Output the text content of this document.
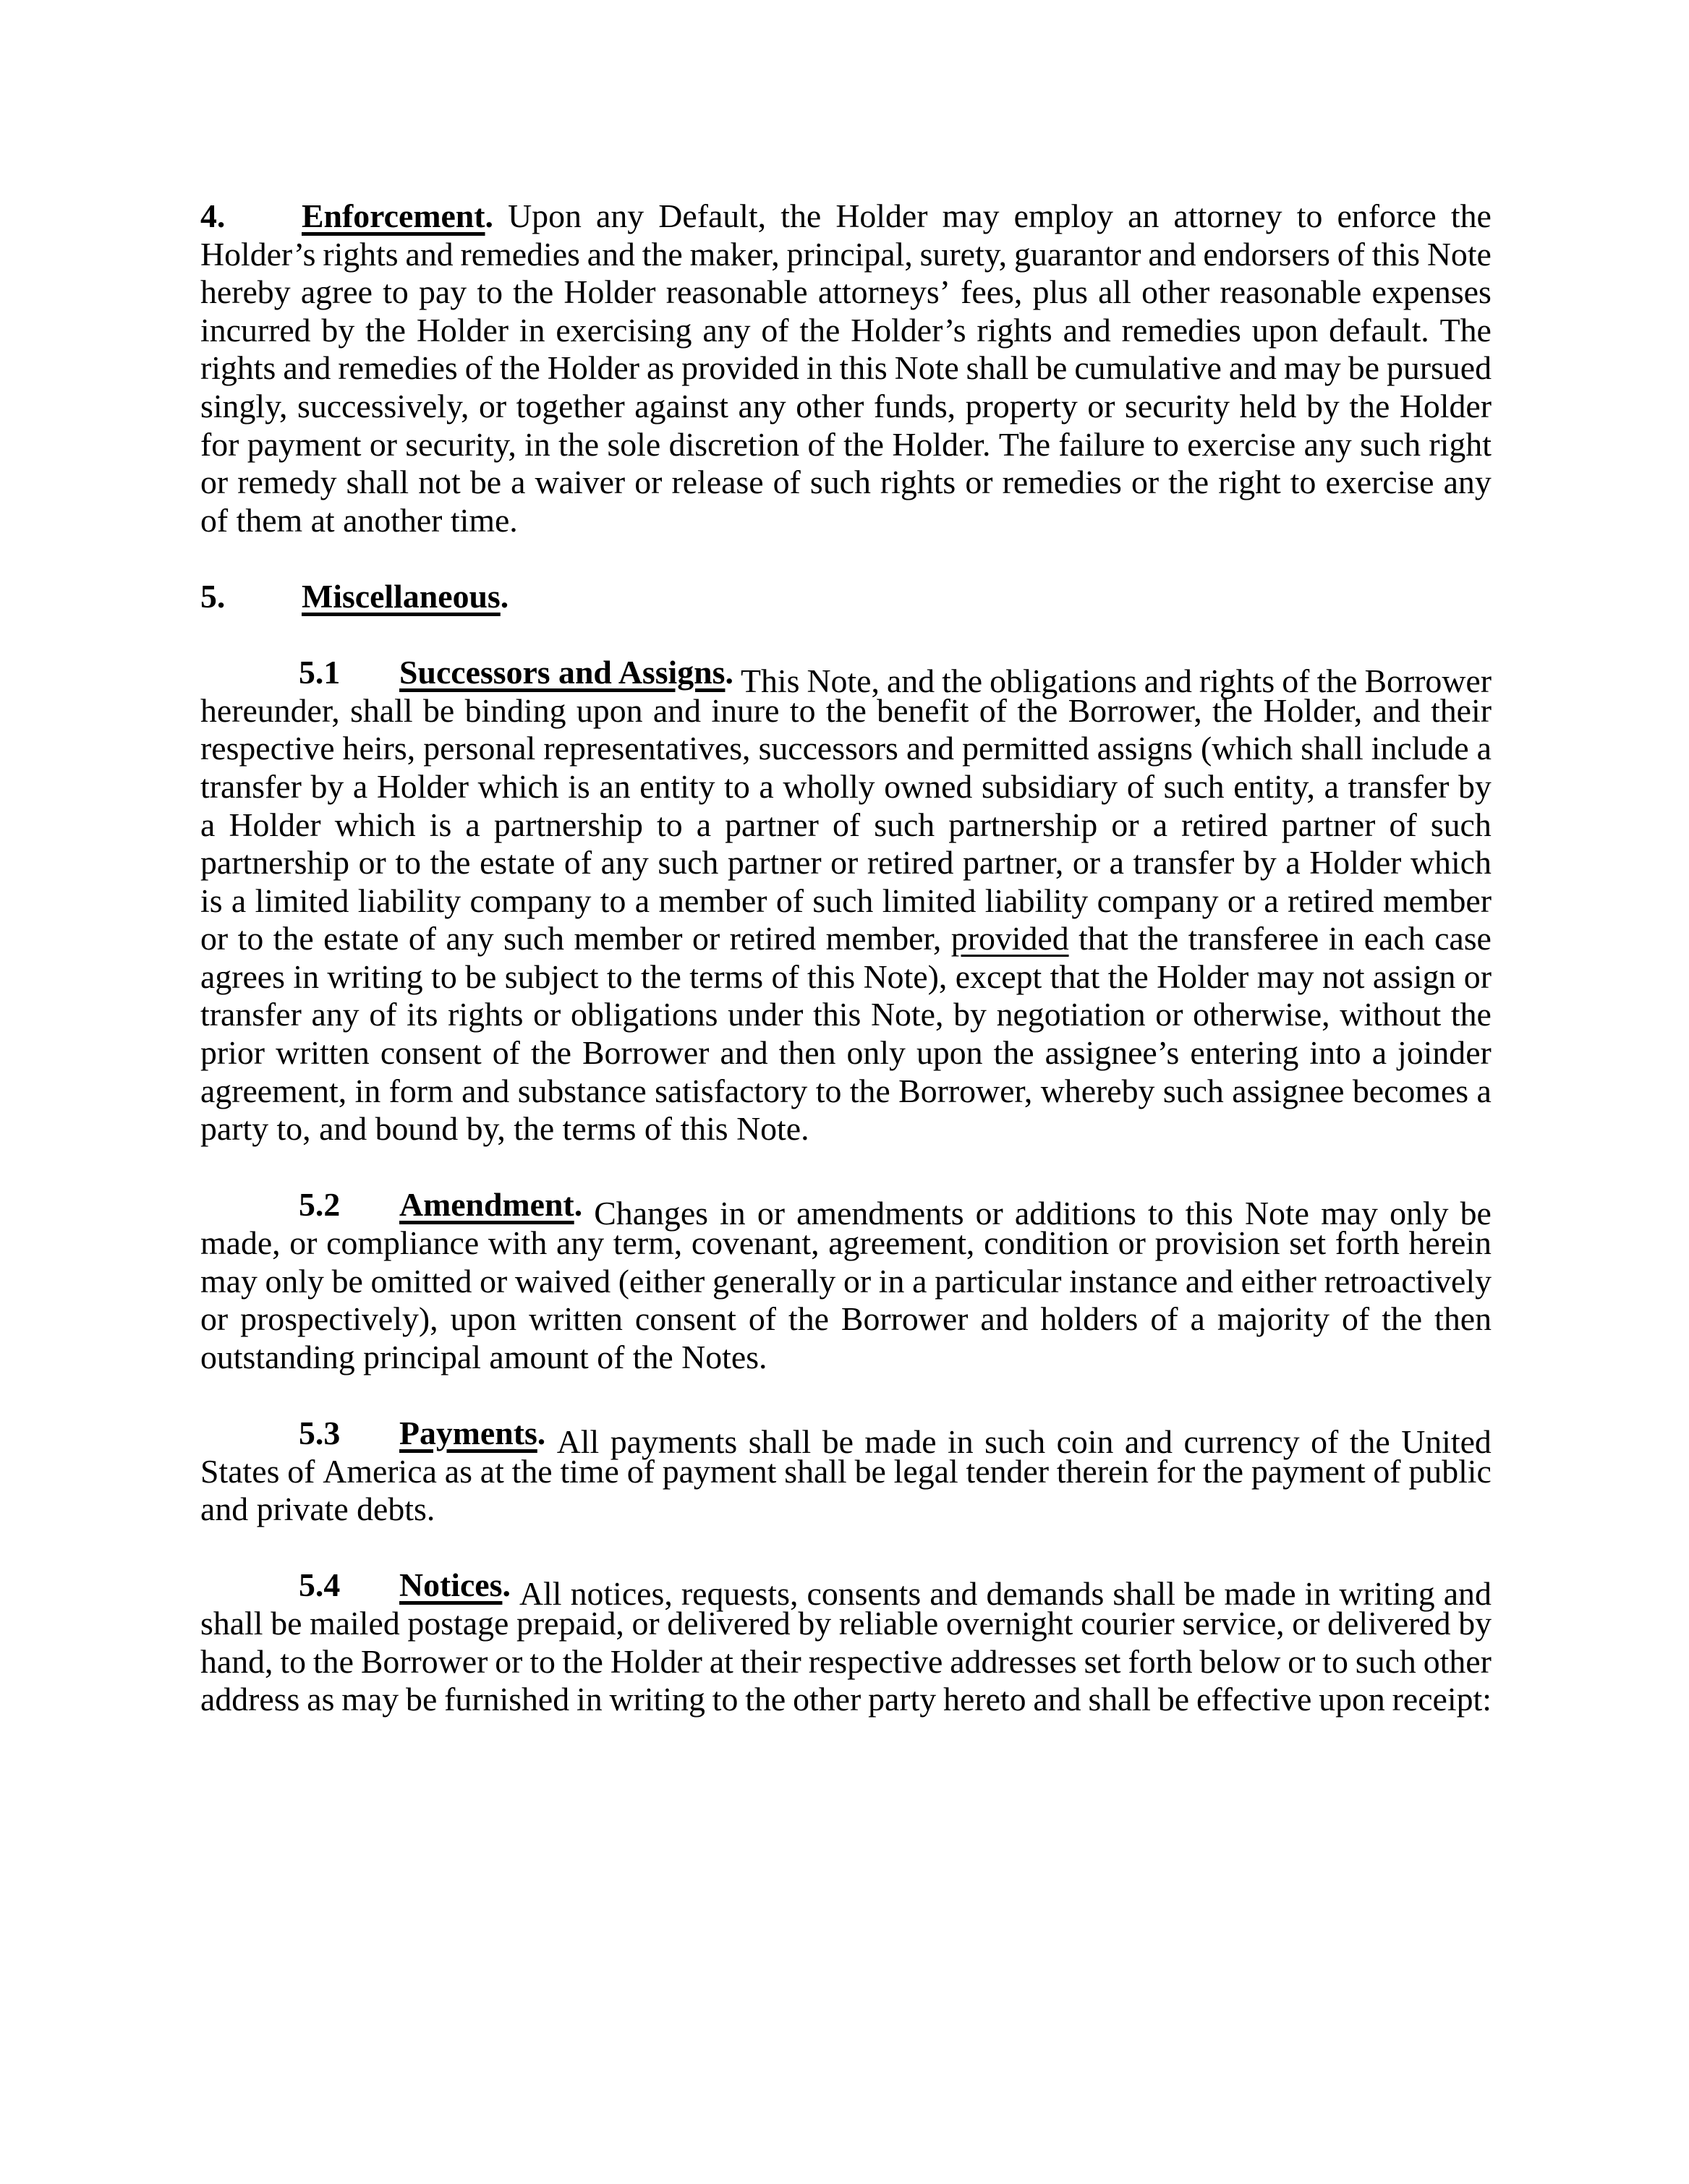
4.	Enforcement. Upon any Default, the Holder may employ an attorney to enforce the
Holder’s rights and remedies and the maker, principal, surety, guarantor and endorsers of this Note
hereby agree to pay to the Holder reasonable attorneys’ fees, plus all other reasonable expenses
incurred by the Holder in exercising any of the Holder’s rights and remedies upon default. The
rights and remedies of the Holder as provided in this Note shall be cumulative and may be pursued
singly, successively, or together against any other funds, property or security held by the Holder
for payment or security, in the sole discretion of the Holder. The failure to exercise any such right
or remedy shall not be a waiver or release of such rights or remedies or the right to exercise any
of them at another time.
5.	Miscellaneous.
5.1	Successors and Assigns. This Note, and the obligations and rights of the Borrower
hereunder, shall be binding upon and inure to the benefit of the Borrower, the Holder, and their
respective heirs, personal representatives, successors and permitted assigns (which shall include a
transfer by a Holder which is an entity to a wholly owned subsidiary of such entity, a transfer by
a Holder which is a partnership to a partner of such partnership or a retired partner of such
partnership or to the estate of any such partner or retired partner, or a transfer by a Holder which
is a limited liability company to a member of such limited liability company or a retired member
or to the estate of any such member or retired member, provided that the transferee in each case
agrees in writing to be subject to the terms of this Note), except that the Holder may not assign or
transfer any of its rights or obligations under this Note, by negotiation or otherwise, without the
prior written consent of the Borrower and then only upon the assignee’s entering into a joinder
agreement, in form and substance satisfactory to the Borrower, whereby such assignee becomes a
party to, and bound by, the terms of this Note.
5.2	Amendment. Changes in or amendments or additions to this Note may only be
made, or compliance with any term, covenant, agreement, condition or provision set forth herein
may only be omitted or waived (either generally or in a particular instance and either retroactively
or prospectively), upon written consent of the Borrower and holders of a majority of the then
outstanding principal amount of the Notes.
5.3	Payments. All payments shall be made in such coin and currency of the United
States of America as at the time of payment shall be legal tender therein for the payment of public
and private debts.
5.4	Notices. All notices, requests, consents and demands shall be made in writing and
shall be mailed postage prepaid, or delivered by reliable overnight courier service, or delivered by
hand, to the Borrower or to the Holder at their respective addresses set forth below or to such other
address as may be furnished in writing to the other party hereto and shall be effective upon receipt:
